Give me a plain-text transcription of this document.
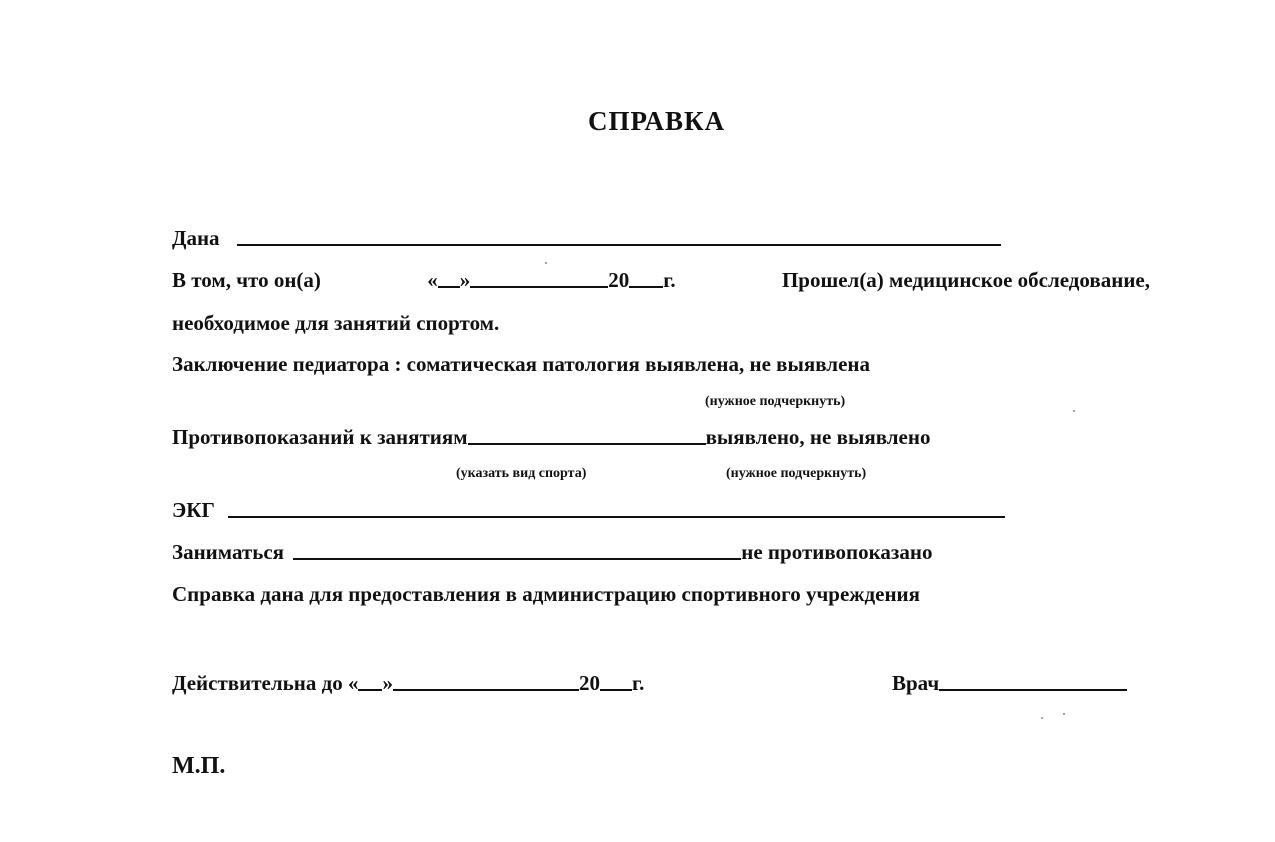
СПРАВКА
Дана
В том, что он(а)	« »	20 г.	Прошел(а) медицинское обследование,
необходимое для занятий спортом.
Заключение педиатора : соматическая патология выявлена, не выявлена
(нужное подчеркнуть)
Противопоказаний к занятиям	выявлено, не выявлено
(указать вид спорта)	(нужное подчеркнуть)
ЭКГ
Заниматься	не противопоказано
Справка дана для предоставления в администрацию спортивного учреждения
Действительна до « »	20 г.	Врач
М.П.
